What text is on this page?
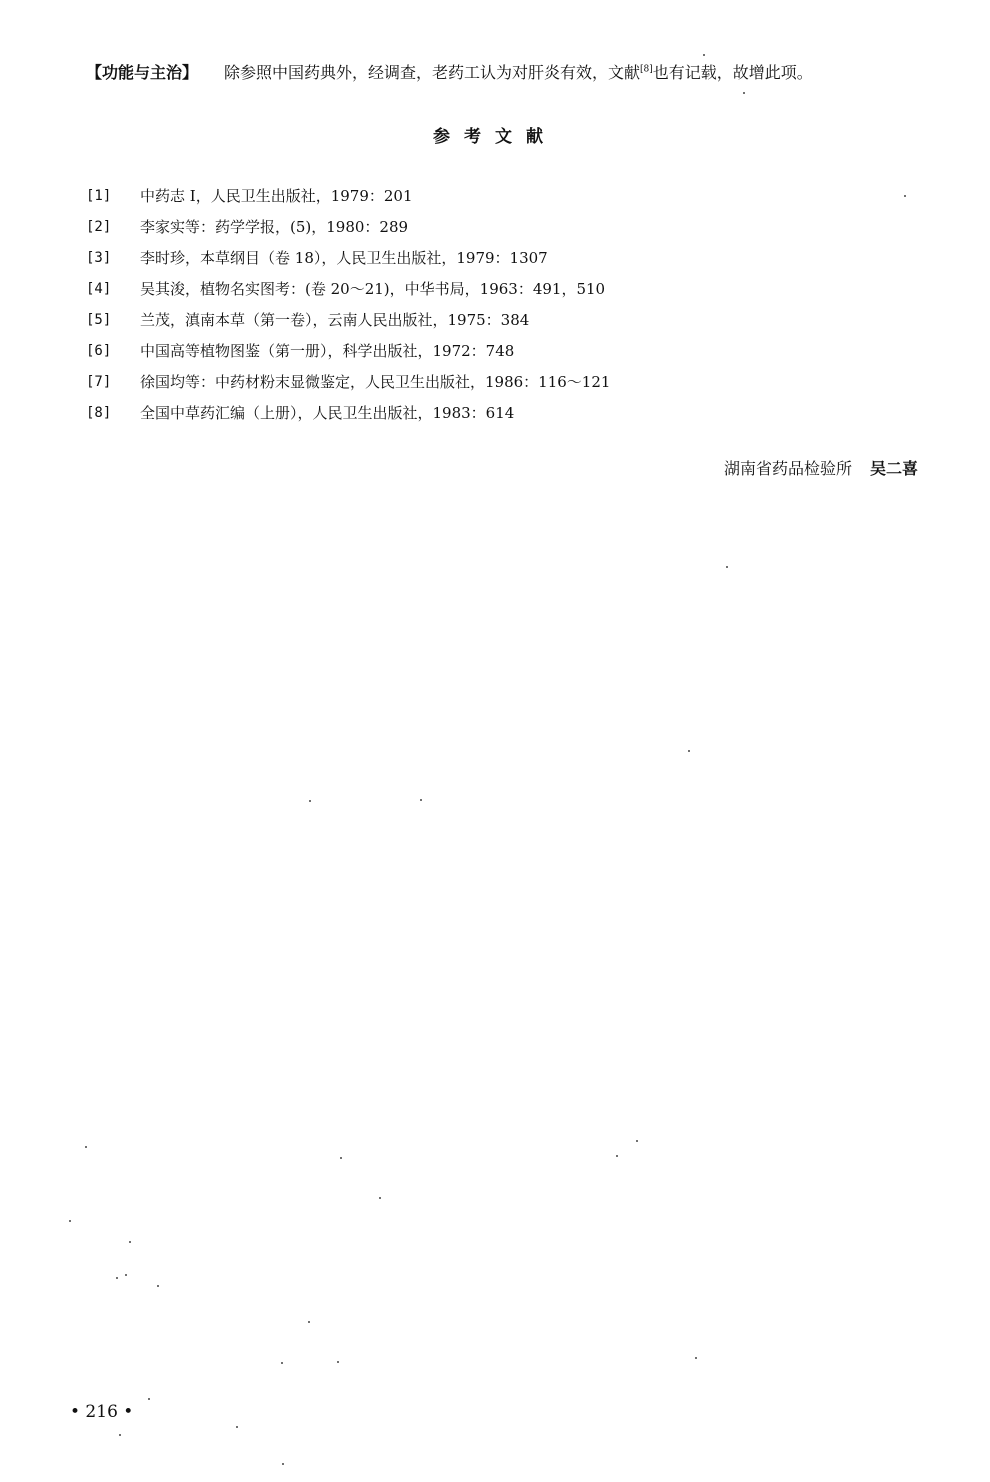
【功能与主治】 除参照中国药典外，经调查，老药工认为对肝炎有效，文献[8]也有记载，故增此项。
参考文献
[1]	中药志 I，人民卫生出版社，1979：201
[2]	李家实等：药学学报，(5)，1980：289
[3]	李时珍，本草纲目（卷 18），人民卫生出版社，1979：1307
[4]	吴其浚，植物名实图考：(卷 20～21)，中华书局，1963：491，510
[5]	兰茂，滇南本草（第一卷），云南人民出版社，1975：384
[6]	中国高等植物图鉴（第一册），科学出版社，1972：748
[7]	徐国均等：中药材粉末显微鉴定，人民卫生出版社，1986：116～121
[8]	全国中草药汇编（上册），人民卫生出版社，1983：614
湖南省药品检验所 吴二喜
• 216 •
